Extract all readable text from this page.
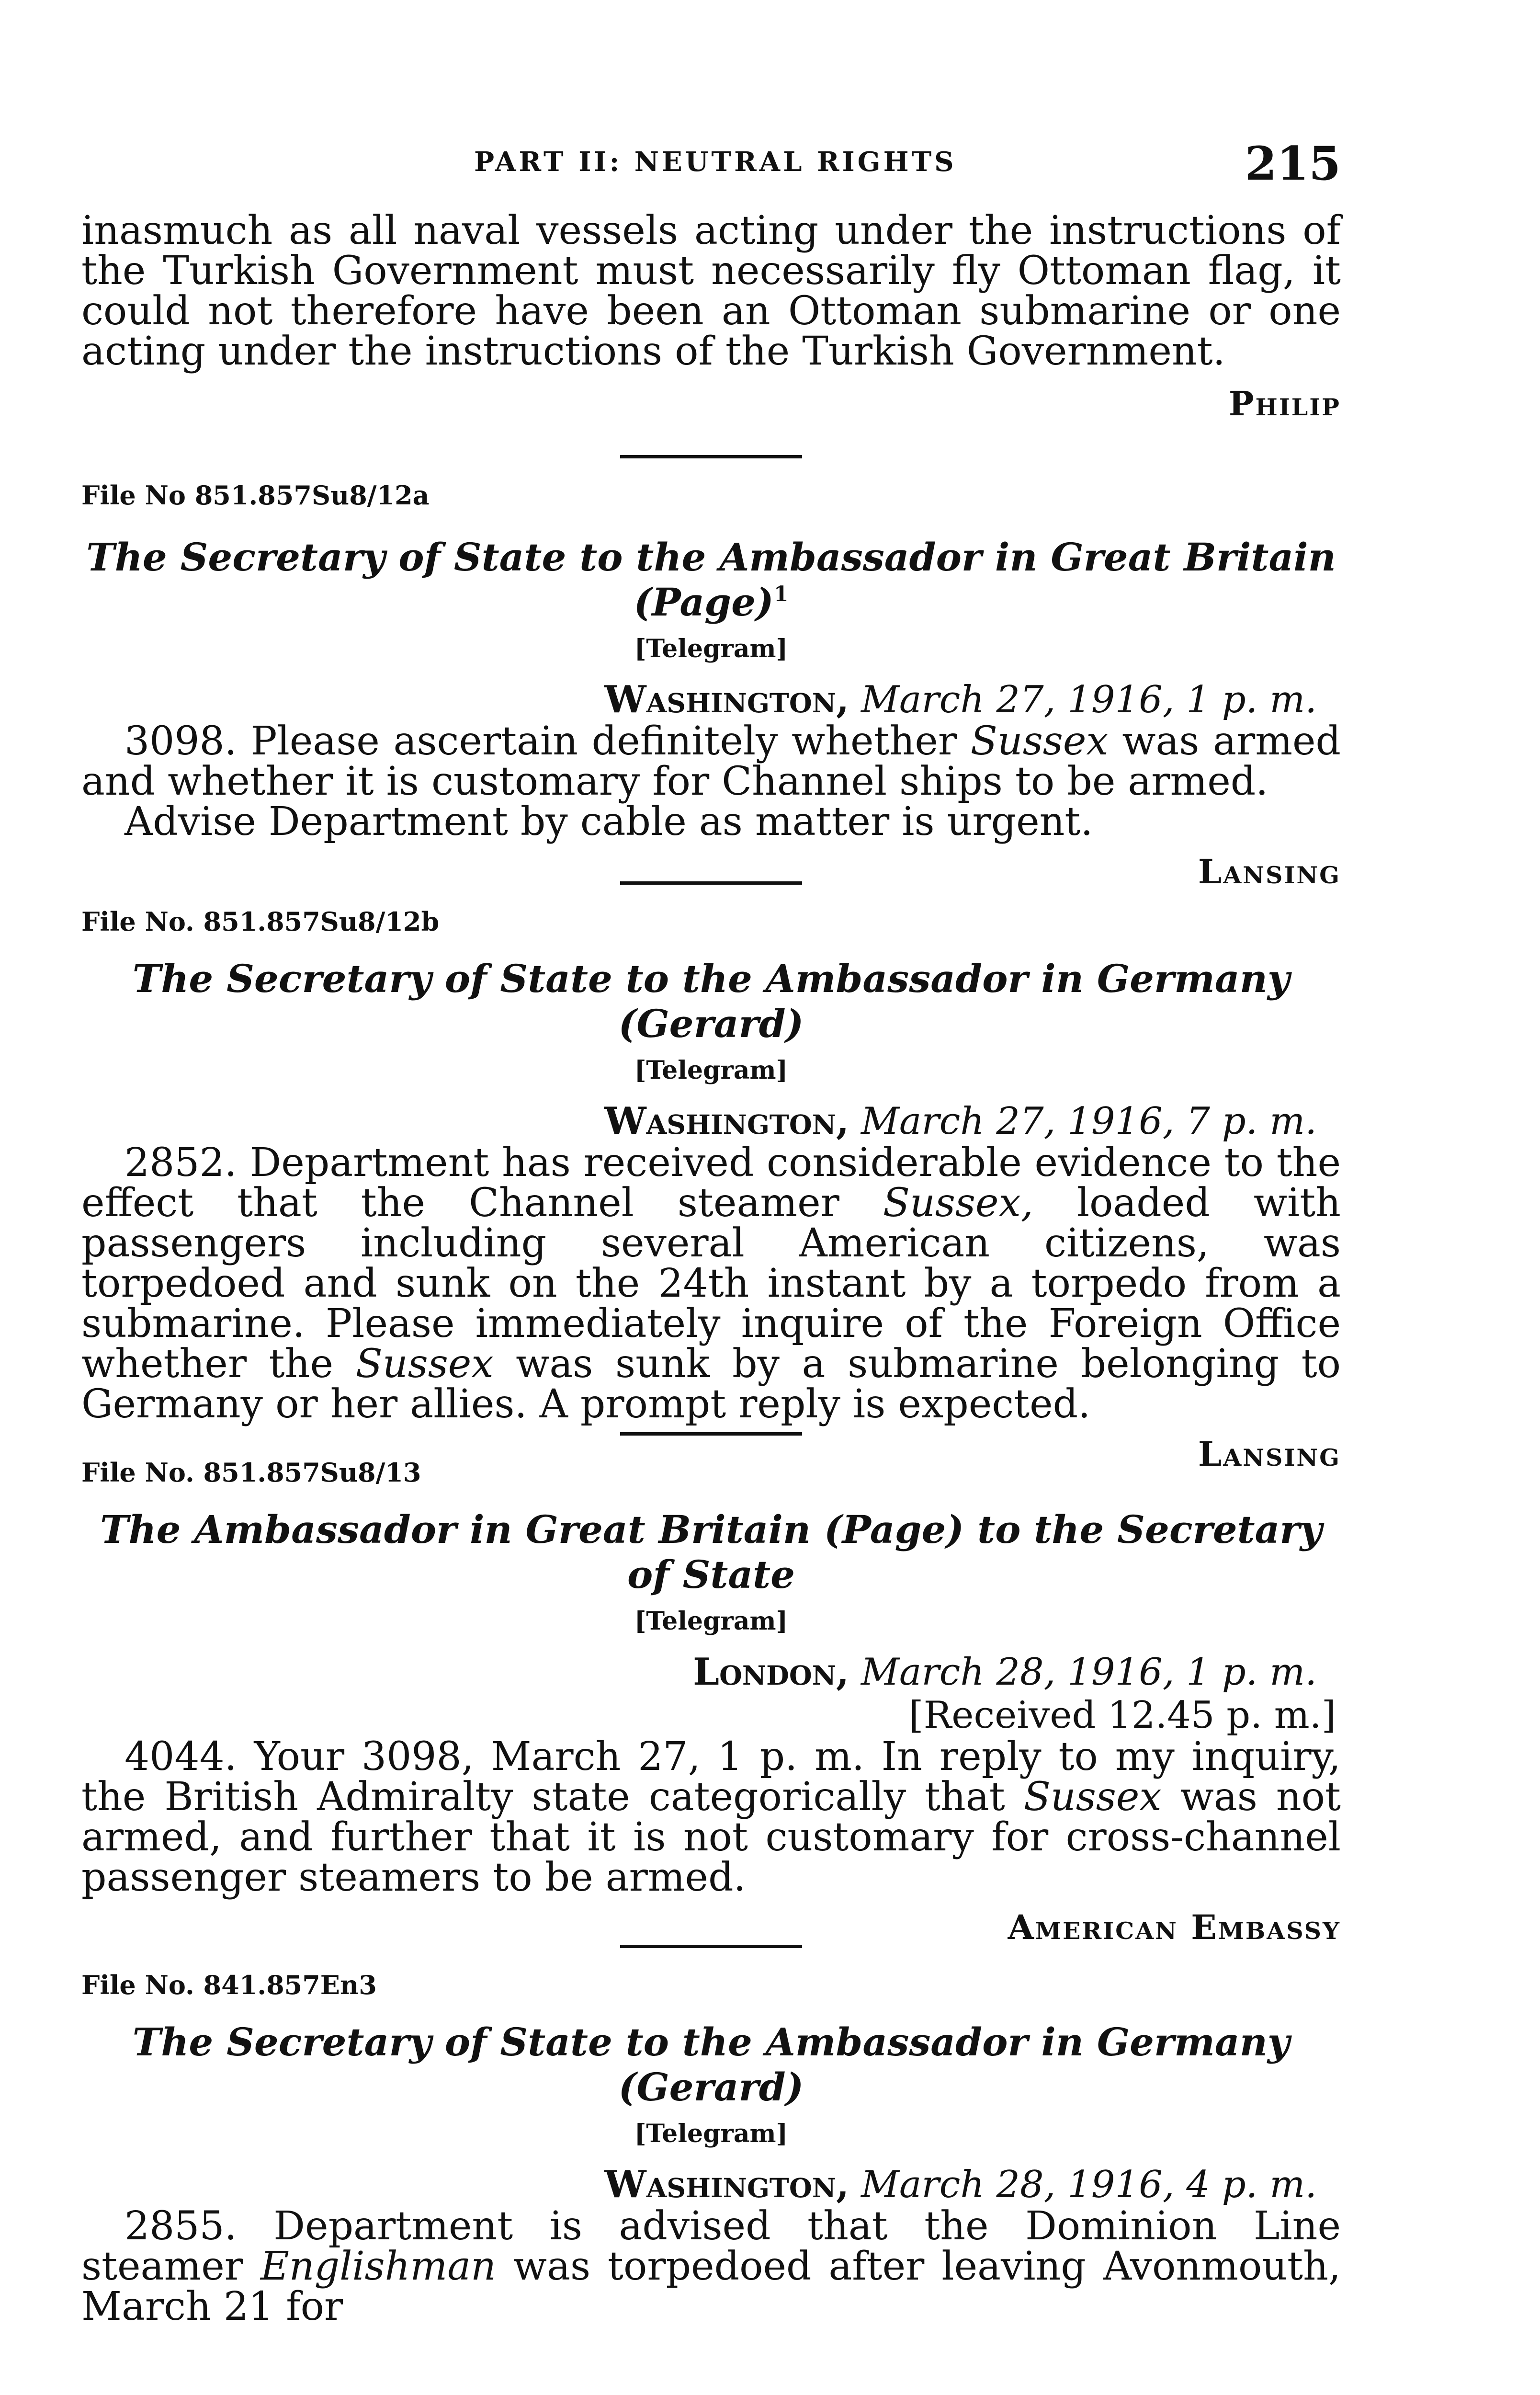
PART II: NEUTRAL RIGHTS	215

inasmuch as all naval vessels acting under the instructions of the Turkish Government must necessarily fly Ottoman flag, it could not therefore have been an Ottoman submarine or one acting under the instructions of the Turkish Government.

Philip

File No 851.857Su8/12a

The Secretary of State to the Ambassador in Great Britain (Page)$^1$

[Telegram]

Washington, March 27, 1916, 1 p. m.

3098. Please ascertain definitely whether Sussex was armed and whether it is customary for Channel ships to be armed.

Advise Department by cable as matter is urgent.

Lansing

File No. 851.857Su8/12b

The Secretary of State to the Ambassador in Germany (Gerard)

[Telegram]

Washington, March 27, 1916, 7 p. m.

2852. Department has received considerable evidence to the effect that the Channel steamer Sussex, loaded with passengers including several American citizens, was torpedoed and sunk on the 24th instant by a torpedo from a submarine. Please immediately inquire of the Foreign Office whether the Sussex was sunk by a submarine belonging to Germany or her allies. A prompt reply is expected.

Lansing

File No. 851.857Su8/13

The Ambassador in Great Britain (Page) to the Secretary of State

[Telegram]

London, March 28, 1916, 1 p. m.

[Received 12.45 p. m.]

4044. Your 3098, March 27, 1 p. m. In reply to my inquiry, the British Admiralty state categorically that Sussex was not armed, and further that it is not customary for cross-channel passenger steamers to be armed.

American Embassy

File No. 841.857En3

The Secretary of State to the Ambassador in Germany (Gerard)

[Telegram]

Washington, March 28, 1916, 4 p. m.

2855. Department is advised that the Dominion Line steamer Englishman was torpedoed after leaving Avonmouth, March 21 for
